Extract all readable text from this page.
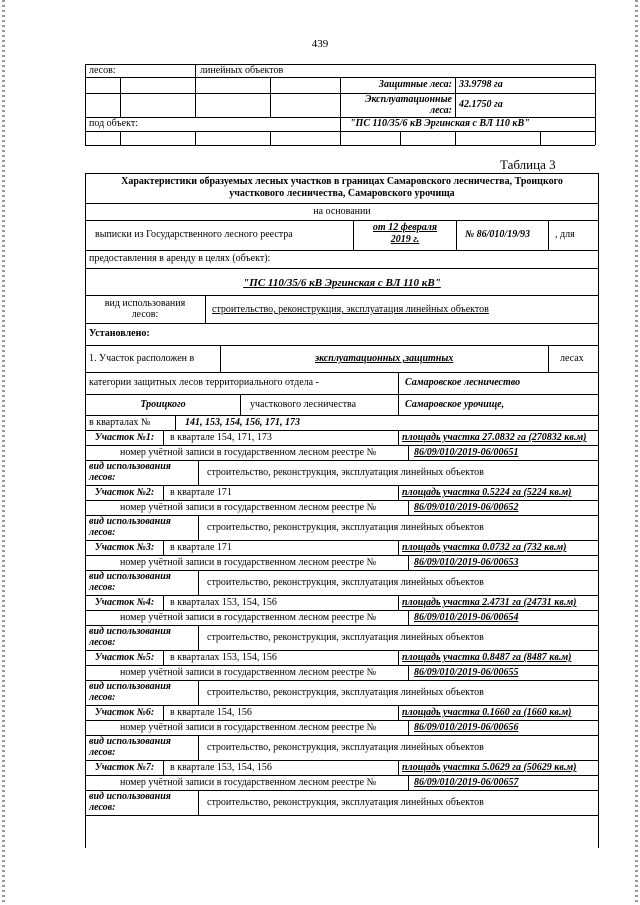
439
лесов:	линейных объектов
Защитные леса: 33.9798 га
Эксплуатационные
леса:
42.1750 га
под объект:	"ПС 110/35/6 кВ Эргинская с ВЛ 110 кВ"
Таблица 3
Характеристики образуемых лесных участков в границах Самаровского лесничества, Троицкого
участкового лесничества, Самаровского урочища
на основании
выписки из Государственного лесного реестра
от 12 февраля
2019 г.	№ 86/010/19/93	, для
предоставления в аренду в целях (объект):
"ПС 110/35/6 кВ Эргинская с ВЛ 110 кВ"
вид использования
лесов:	строительство, реконструкция, эксплуатация линейных объектов
Установлено:
1. Участок расположен в	эксплуатационных ,защитных	лесах
категории защитных лесов территориального отдела -	Самаровское лесничество
Троицкого	участкового лесничества	Самаровское урочище,
в кварталах №	141, 153, 154, 156, 171, 173
Участок №1:	в квартале 154, 171, 173	площадь участка 27.0832 га (270832 кв.м)
номер учётной записи в государственном лесном реестре №	86/09/010/2019-06/00651
вид использования
лесов:	строительство, реконструкция, эксплуатация линейных объектов
Участок №2:	в квартале 171	площадь участка 0.5224 га (5224 кв.м)
номер учётной записи в государственном лесном реестре №	86/09/010/2019-06/00652
вид использования
лесов:	строительство, реконструкция, эксплуатация линейных объектов
Участок №3:	в квартале 171	площадь участка 0.0732 га (732 кв.м)
номер учётной записи в государственном лесном реестре №	86/09/010/2019-06/00653
вид использования
лесов:	строительство, реконструкция, эксплуатация линейных объектов
Участок №4:	в кварталах 153, 154, 156	площадь участка 2.4731 га (24731 кв.м)
номер учётной записи в государственном лесном реестре №	86/09/010/2019-06/00654
вид использования
лесов:	строительство, реконструкция, эксплуатация линейных объектов
Участок №5:	в кварталах 153, 154, 156	площадь участка 0.8487 га (8487 кв.м)
номер учётной записи в государственном лесном реестре №	86/09/010/2019-06/00655
вид использования
лесов:	строительство, реконструкция, эксплуатация линейных объектов
Участок №6:	в квартале 154, 156	площадь участка 0.1660 га (1660 кв.м)
номер учётной записи в государственном лесном реестре №	86/09/010/2019-06/00656
вид использования
лесов:	строительство, реконструкция, эксплуатация линейных объектов
Участок №7:	в квартале 153, 154, 156	площадь участка 5.0629 га (50629 кв.м)
номер учётной записи в государственном лесном реестре №	86/09/010/2019-06/00657
вид использования
лесов:	строительство, реконструкция, эксплуатация линейных объектов
